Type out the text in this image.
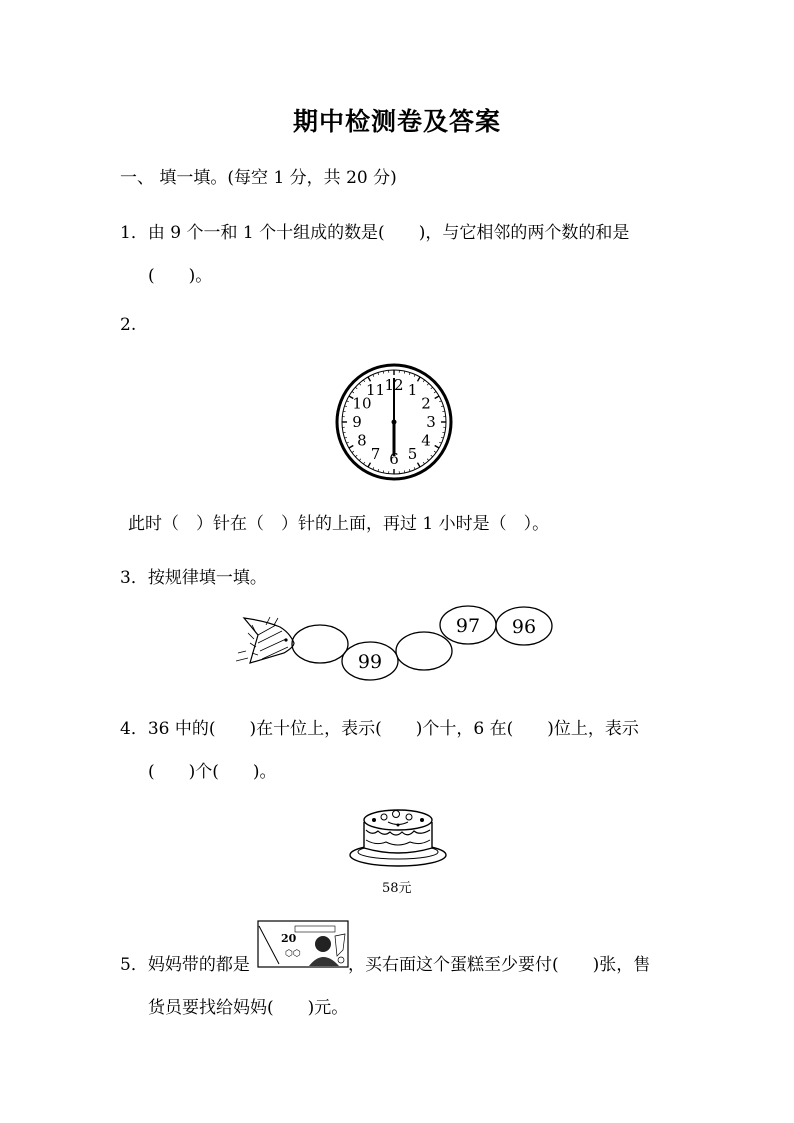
期中检测卷及答案
一、 填一填。(每空 1 分，共 20 分)
1．由 9 个一和 1 个十组成的数是(　　)，与它相邻的两个数的和是
(　　)。
2.
12 1
2
3
4
5
6
7
8
9
10
11
此时（　）针在（　）针的上面，再过 1 小时是（　）。
3．按规律填一填。
99
97 96
4．36 中的(　　)在十位上，表示(　　)个十，6 在(　　)位上，表示
(　　)个(　　)。
58元
5．妈妈带的都是
20
⬡⬡
，买右面这个蛋糕至少要付(　　)张，售
货员要找给妈妈(　　)元。
